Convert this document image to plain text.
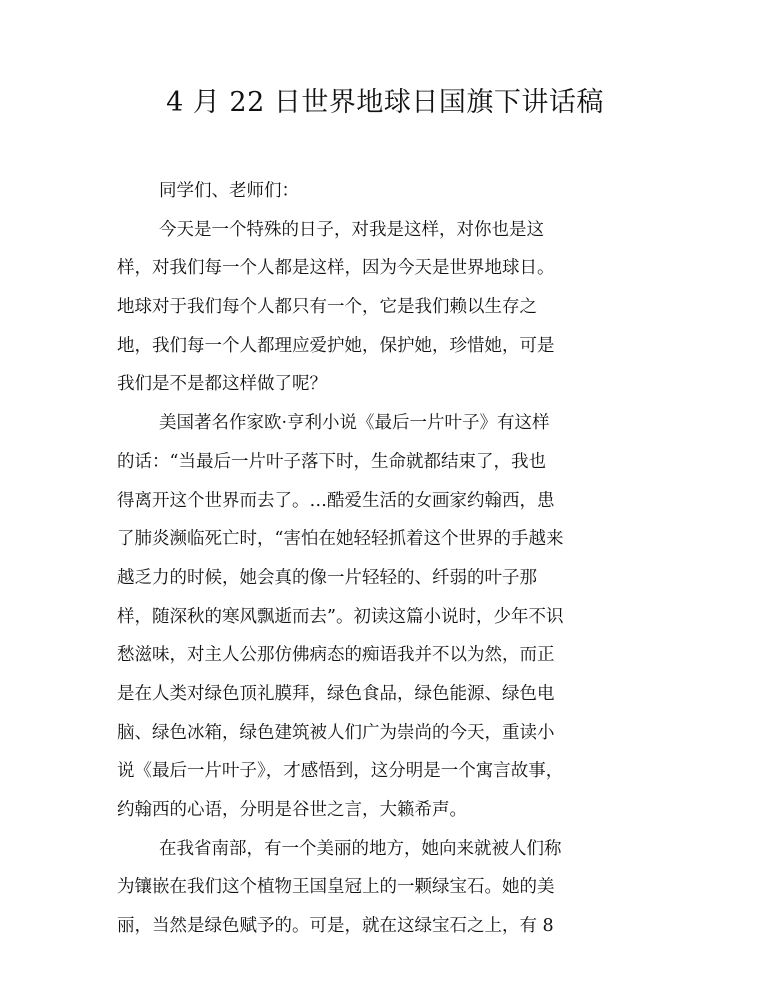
4 月 22 日世界地球日国旗下讲话稿
同学们、老师们：
今天是一个特殊的日子，对我是这样，对你也是这
样，对我们每一个人都是这样，因为今天是世界地球日。
地球对于我们每个人都只有一个，它是我们赖以生存之
地，我们每一个人都理应爱护她，保护她，珍惜她，可是
我们是不是都这样做了呢？
美国著名作家欧·亨利小说《最后一片叶子》有这样
的话：“当最后一片叶子落下时，生命就都结束了，我也
得离开这个世界而去了。…酷爱生活的女画家约翰西，患
了肺炎濒临死亡时，“害怕在她轻轻抓着这个世界的手越来
越乏力的时候，她会真的像一片轻轻的、纤弱的叶子那
样，随深秋的寒风飘逝而去”。初读这篇小说时，少年不识
愁滋味，对主人公那仿佛病态的痴语我并不以为然，而正
是在人类对绿色顶礼膜拜，绿色食品，绿色能源、绿色电
脑、绿色冰箱，绿色建筑被人们广为崇尚的今天，重读小
说《最后一片叶子》，才感悟到，这分明是一个寓言故事，
约翰西的心语，分明是谷世之言，大籁希声。
在我省南部，有一个美丽的地方，她向来就被人们称
为镶嵌在我们这个植物王国皇冠上的一颗绿宝石。她的美
丽，当然是绿色赋予的。可是，就在这绿宝石之上，有 8
